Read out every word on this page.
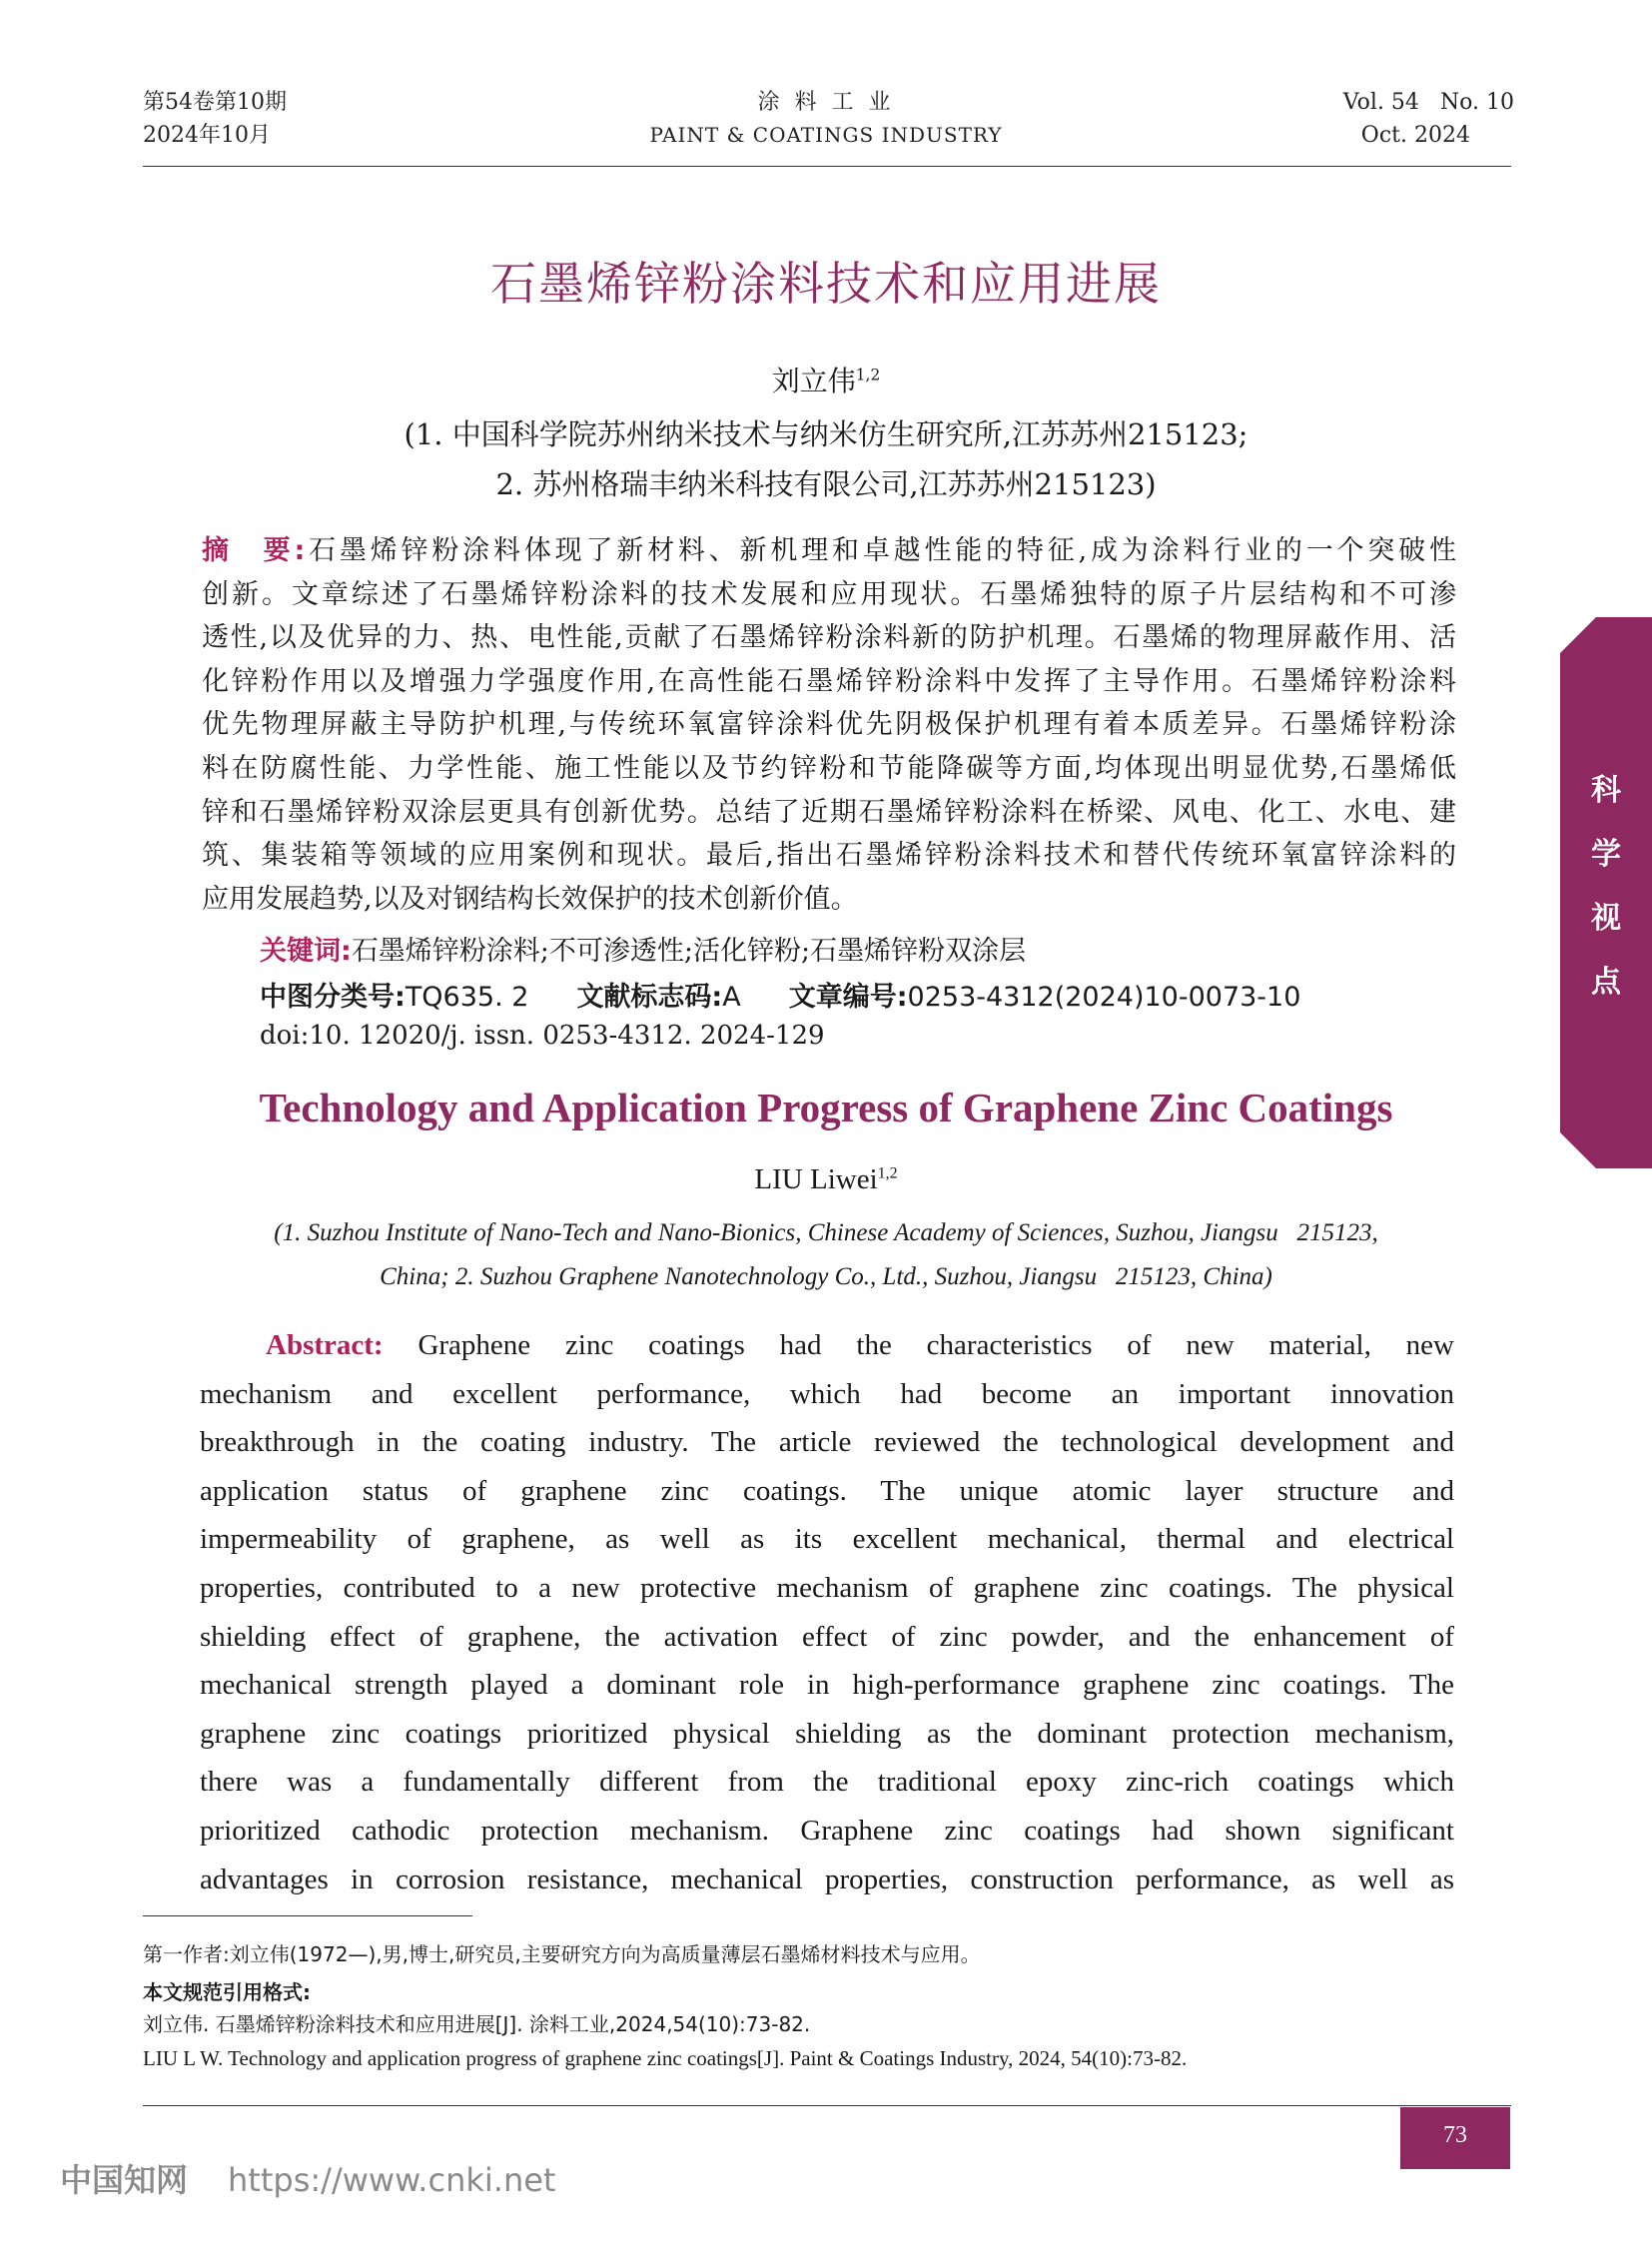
第54卷第10期
2024年10月
涂 料 工 业
PAINT & COATINGS INDUSTRY
Vol. 54   No. 10
Oct. 2024
石墨烯锌粉涂料技术和应用进展
刘立伟$^{1,2}$
(1. 中国科学院苏州纳米技术与纳米仿生研究所,江苏苏州215123;
2. 苏州格瑞丰纳米科技有限公司,江苏苏州215123)
摘　要:石墨烯锌粉涂料体现了新材料、新机理和卓越性能的特征,成为涂料行业的一个突破性
创新。文章综述了石墨烯锌粉涂料的技术发展和应用现状。石墨烯独特的原子片层结构和不可渗
透性,以及优异的力、热、电性能,贡献了石墨烯锌粉涂料新的防护机理。石墨烯的物理屏蔽作用、活
化锌粉作用以及增强力学强度作用,在高性能石墨烯锌粉涂料中发挥了主导作用。石墨烯锌粉涂料
优先物理屏蔽主导防护机理,与传统环氧富锌涂料优先阴极保护机理有着本质差异。石墨烯锌粉涂
料在防腐性能、力学性能、施工性能以及节约锌粉和节能降碳等方面,均体现出明显优势,石墨烯低
锌和石墨烯锌粉双涂层更具有创新优势。总结了近期石墨烯锌粉涂料在桥梁、风电、化工、水电、建
筑、集装箱等领域的应用案例和现状。最后,指出石墨烯锌粉涂料技术和替代传统环氧富锌涂料的
应用发展趋势,以及对钢结构长效保护的技术创新价值。
关键词:石墨烯锌粉涂料;不可渗透性;活化锌粉;石墨烯锌粉双涂层
中图分类号:TQ635. 2 文献标志码:A 文章编号:0253-4312(2024)10-0073-10
doi:10. 12020/j. issn. 0253-4312. 2024-129
Technology and Application Progress of Graphene Zinc Coatings
LIU Liwei$^{1,2}$
(1. Suzhou Institute of Nano-Tech and Nano-Bionics, Chinese Academy of Sciences, Suzhou, Jiangsu   215123,
China; 2. Suzhou Graphene Nanotechnology Co., Ltd., Suzhou, Jiangsu   215123, China)
Abstract: Graphene zinc coatings had the characteristics of new material, new
mechanism and excellent performance, which had become an important innovation
breakthrough in the coating industry. The article reviewed the technological development and
application status of graphene zinc coatings. The unique atomic layer structure and
impermeability of graphene, as well as its excellent mechanical, thermal and electrical
properties, contributed to a new protective mechanism of graphene zinc coatings. The physical
shielding effect of graphene, the activation effect of zinc powder, and the enhancement of
mechanical strength played a dominant role in high-performance graphene zinc coatings. The
graphene zinc coatings prioritized physical shielding as the dominant protection mechanism,
there was a fundamentally different from the traditional epoxy zinc-rich coatings which
prioritized cathodic protection mechanism. Graphene zinc coatings had shown significant
advantages in corrosion resistance, mechanical properties, construction performance, as well as
第一作者:刘立伟(1972—),男,博士,研究员,主要研究方向为高质量薄层石墨烯材料技术与应用。
本文规范引用格式:
刘立伟. 石墨烯锌粉涂料技术和应用进展[J]. 涂料工业,2024,54(10):73-82.
LIU L W. Technology and application progress of graphene zinc coatings[J]. Paint & Coatings Industry, 2024, 54(10):73-82.
73
科
学
视
点
中国知网 https://www.cnki.net
